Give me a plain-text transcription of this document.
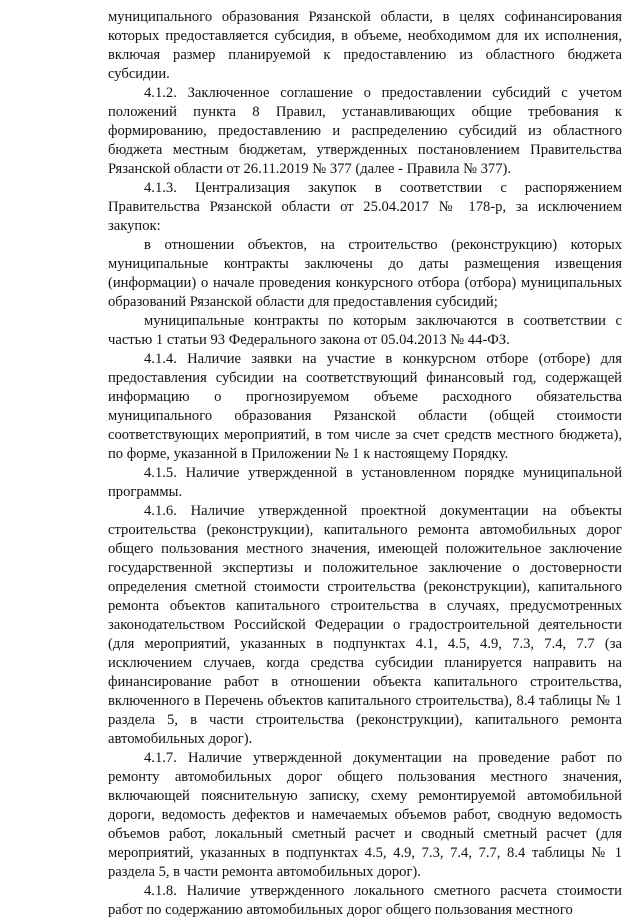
муниципального образования Рязанской области, в целях софинансирования которых предоставляется субсидия, в объеме, необходимом для их исполнения, включая размер планируемой к предоставлению из областного бюджета субсидии.

4.1.2. Заключенное соглашение о предоставлении субсидий с учетом положений пункта 8 Правил, устанавливающих общие требования к формированию, предоставлению и распределению субсидий из областного бюджета местным бюджетам, утвержденных постановлением Правительства Рязанской области от 26.11.2019 № 377 (далее - Правила № 377).

4.1.3. Централизация закупок в соответствии с распоряжением Правительства Рязанской области от 25.04.2017 № 178-р, за исключением закупок:

в отношении объектов, на строительство (реконструкцию) которых муниципальные контракты заключены до даты размещения извещения (информации) о начале проведения конкурсного отбора (отбора) муниципальных образований Рязанской области для предоставления субсидий;

муниципальные контракты по которым заключаются в соответствии с частью 1 статьи 93 Федерального закона от 05.04.2013 № 44-ФЗ.

4.1.4. Наличие заявки на участие в конкурсном отборе (отборе) для предоставления субсидии на соответствующий финансовый год, содержащей информацию о прогнозируемом объеме расходного обязательства муниципального образования Рязанской области (общей стоимости соответствующих мероприятий, в том числе за счет средств местного бюджета), по форме, указанной в Приложении № 1 к настоящему Порядку.

4.1.5. Наличие утвержденной в установленном порядке муниципальной программы.

4.1.6. Наличие утвержденной проектной документации на объекты строительства (реконструкции), капитального ремонта автомобильных дорог общего пользования местного значения, имеющей положительное заключение государственной экспертизы и положительное заключение о достоверности определения сметной стоимости строительства (реконструкции), капитального ремонта объектов капитального строительства в случаях, предусмотренных законодательством Российской Федерации о градостроительной деятельности (для мероприятий, указанных в подпунктах 4.1, 4.5, 4.9, 7.3, 7.4, 7.7 (за исключением случаев, когда средства субсидии планируется направить на финансирование работ в отношении объекта капитального строительства, включенного в Перечень объектов капитального строительства), 8.4 таблицы № 1 раздела 5, в части строительства (реконструкции), капитального ремонта автомобильных дорог).

4.1.7. Наличие утвержденной документации на проведение работ по ремонту автомобильных дорог общего пользования местного значения, включающей пояснительную записку, схему ремонтируемой автомобильной дороги, ведомость дефектов и намечаемых объемов работ, сводную ведомость объемов работ, локальный сметный расчет и сводный сметный расчет (для мероприятий, указанных в подпунктах 4.5, 4.9, 7.3, 7.4, 7.7, 8.4 таблицы № 1 раздела 5, в части ремонта автомобильных дорог).

4.1.8. Наличие утвержденного локального сметного расчета стоимости работ по содержанию автомобильных дорог общего пользования местного
